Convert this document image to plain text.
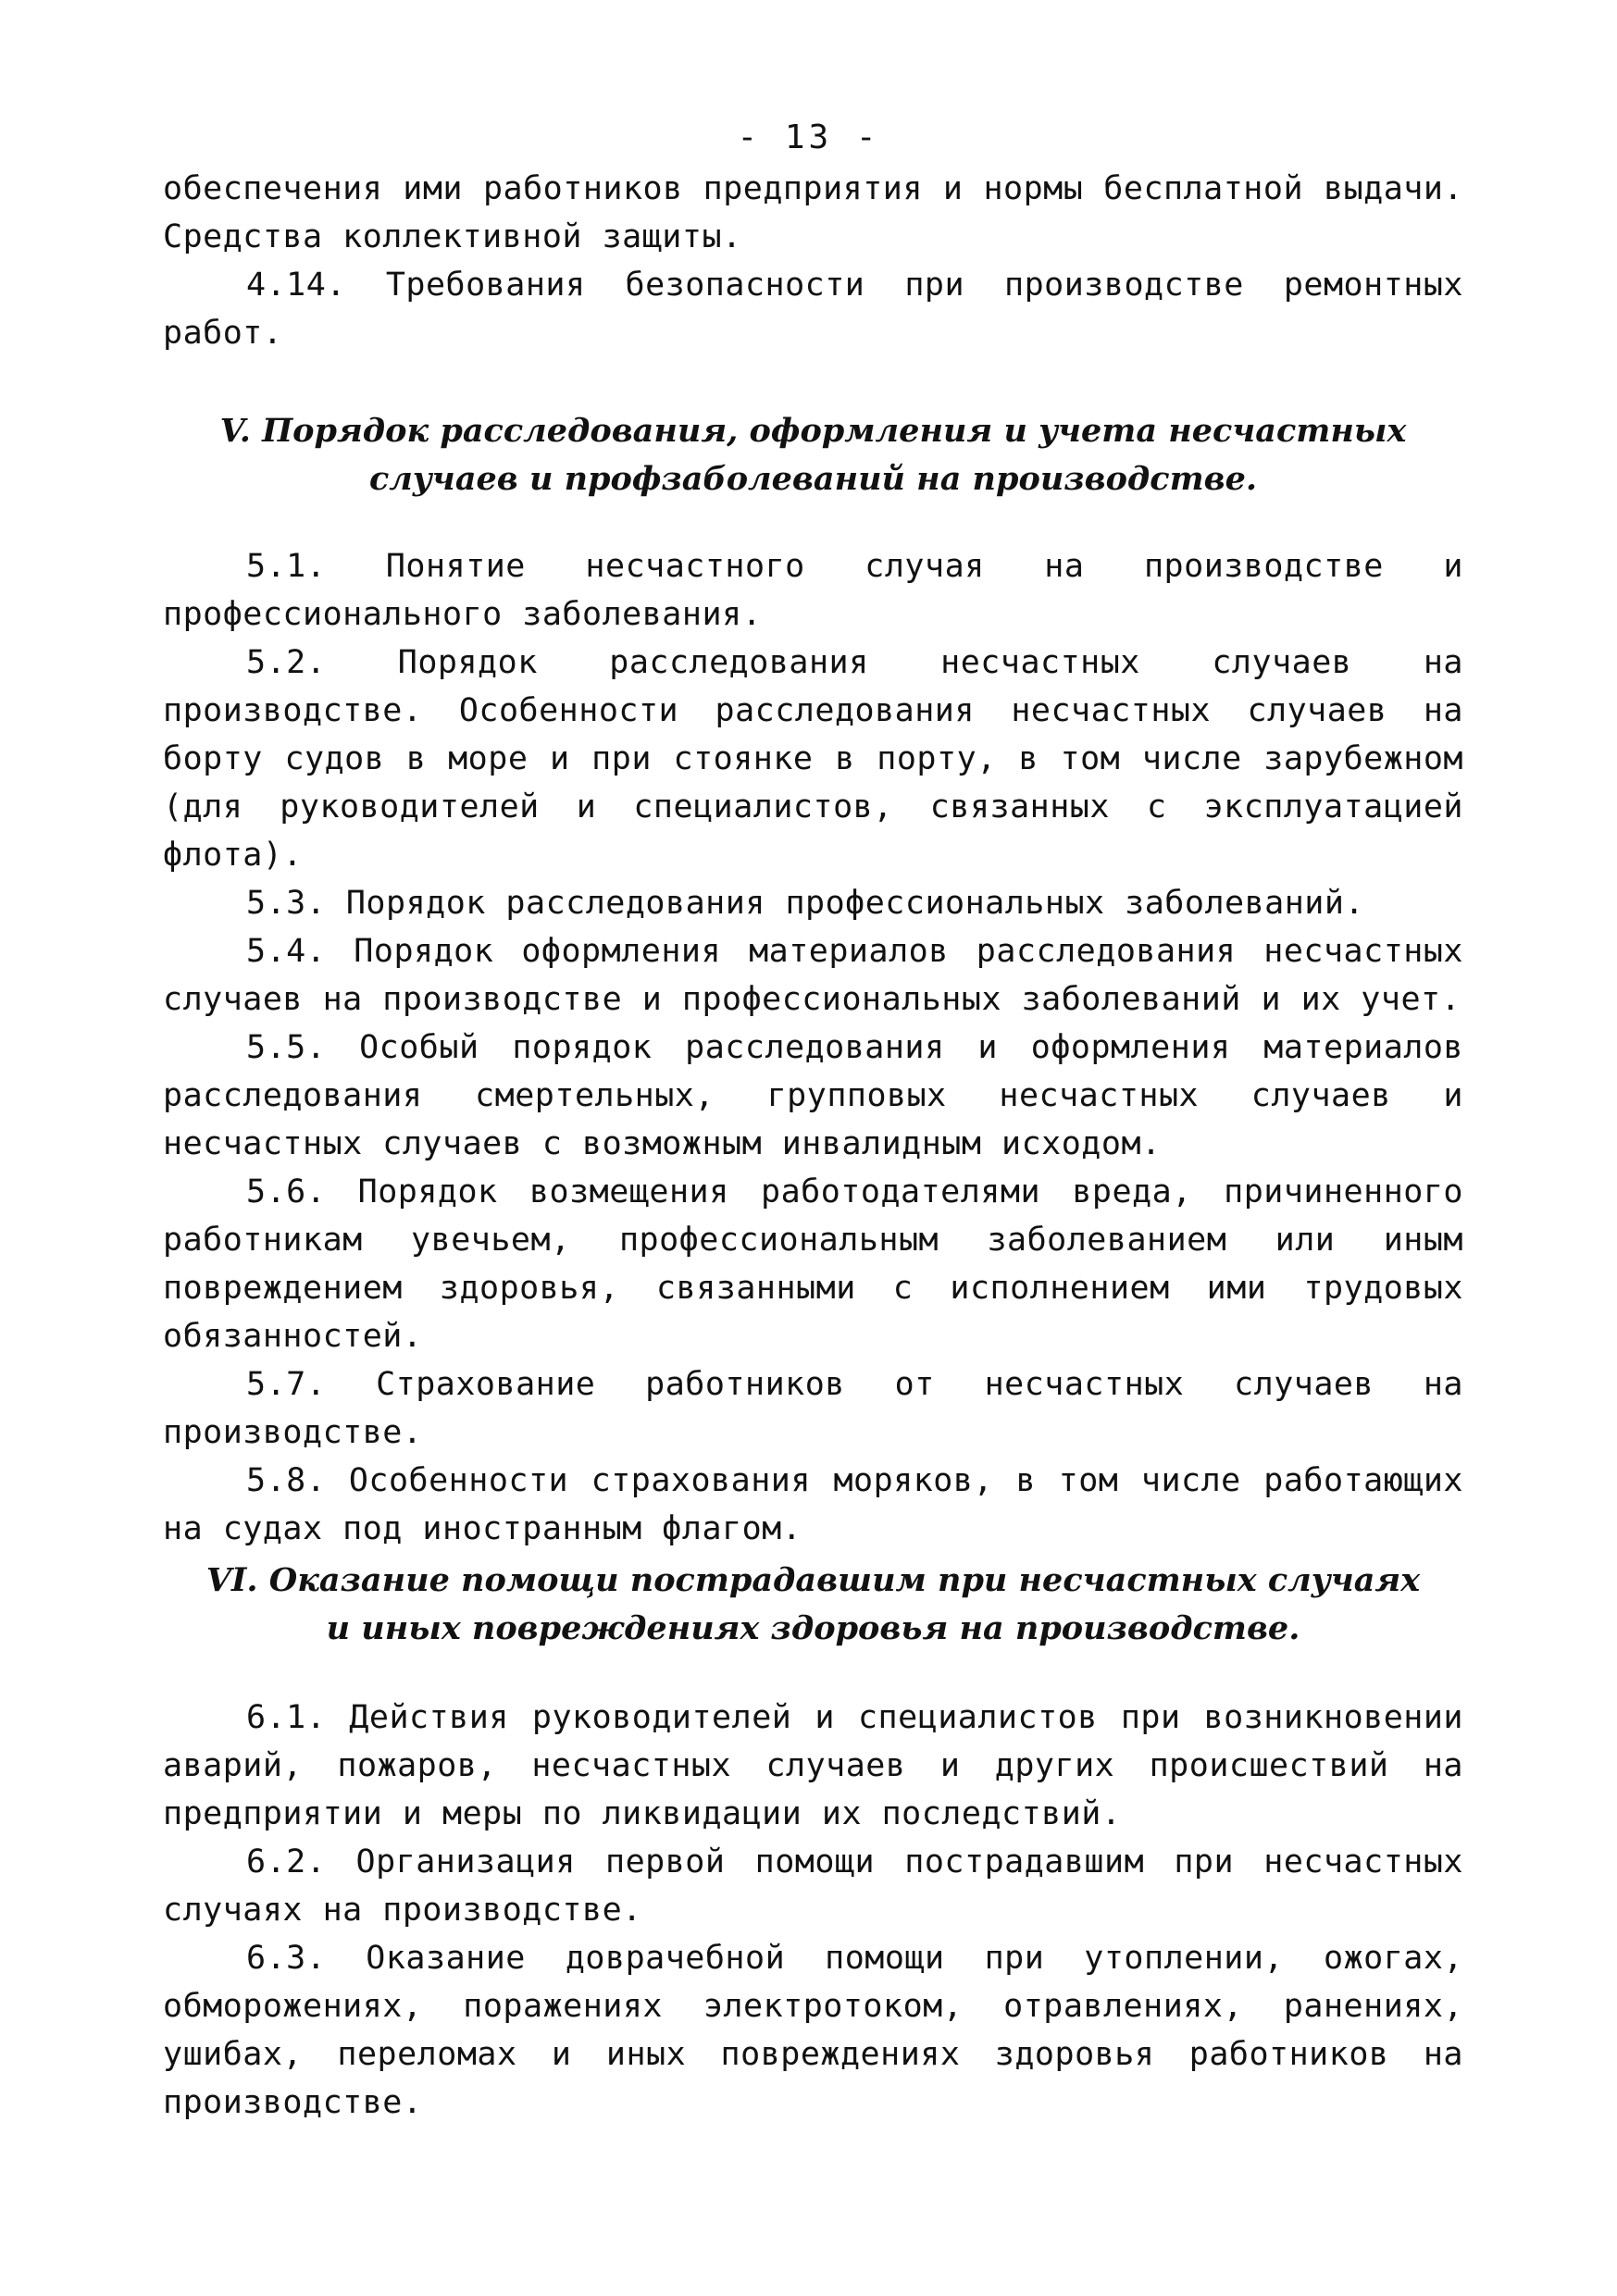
- 13 -

обеспечения ими работников предприятия и нормы бесплатной выдачи. Средства коллективной защиты.

4.14. Требования безопасности при производстве ремонтных работ.

V. Порядок расследования, оформления и учета несчастных случаев и профзаболеваний на производстве.

5.1. Понятие несчастного случая на производстве и профессионального заболевания.

5.2. Порядок расследования несчастных случаев на производстве. Особенности расследования несчастных случаев на борту судов в море и при стоянке в порту, в том числе зарубежном (для руководителей и специалистов, связанных с эксплуатацией флота).

5.3. Порядок расследования профессиональных заболеваний.

5.4. Порядок оформления материалов расследования несчастных случаев на производстве и профессиональных заболеваний и их учет.

5.5. Особый порядок расследования и оформления материалов расследования смертельных, групповых несчастных случаев и несчастных случаев с возможным инвалидным исходом.

5.6. Порядок возмещения работодателями вреда, причиненного работникам увечьем, профессиональным заболеванием или иным повреждением здоровья, связанными с исполнением ими трудовых обязанностей.

5.7. Страхование работников от несчастных случаев на производстве.

5.8. Особенности страхования моряков, в том числе работающих на судах под иностранным флагом.

VI. Оказание помощи пострадавшим при несчастных случаях и иных повреждениях здоровья на производстве.

6.1. Действия руководителей и специалистов при возникновении аварий, пожаров, несчастных случаев и других происшествий на предприятии и меры по ликвидации их последствий.

6.2. Организация первой помощи пострадавшим при несчастных случаях на производстве.

6.3. Оказание доврачебной помощи при утоплении, ожогах, обморожениях, поражениях электротоком, отравлениях, ранениях, ушибах, переломах и иных повреждениях здоровья работников на производстве.
